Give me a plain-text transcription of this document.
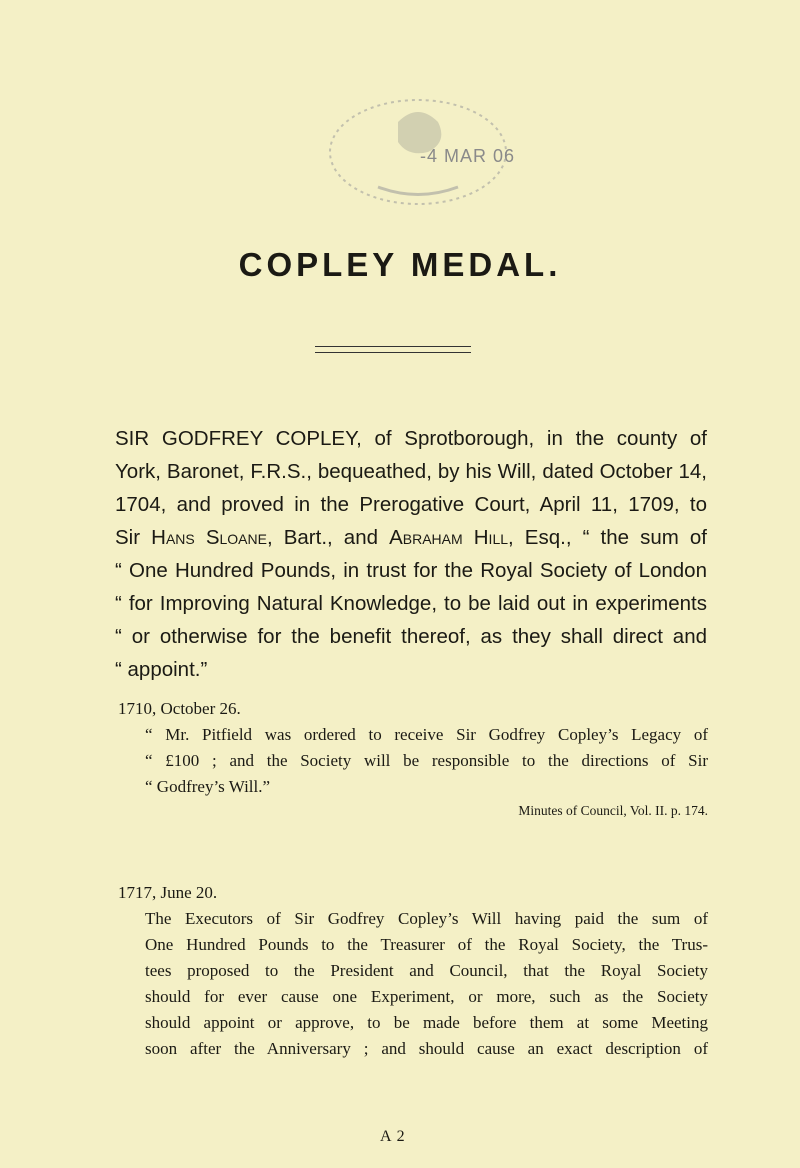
-4 MAR 06
COPLEY MEDAL.
SIR GODFREY COPLEY, of Sprotborough, in the county of
York, Baronet, F.R.S., bequeathed, by his Will, dated October 14,
1704, and proved in the Prerogative Court, April 11, 1709, to
Sir Hans Sloane, Bart., and Abraham Hill, Esq., “ the sum of
“ One Hundred Pounds, in trust for the Royal Society of London
“ for Improving Natural Knowledge, to be laid out in experiments
“ or otherwise for the benefit thereof, as they shall direct and
“ appoint.”

1710, October 26.

“ Mr. Pitfield was ordered to receive Sir Godfrey Copley’s Legacy of
“ £100 ; and the Society will be responsible to the directions of Sir
“ Godfrey’s Will.”

Minutes of Council, Vol. II. p. 174.

1717, June 20.

The Executors of Sir Godfrey Copley’s Will having paid the sum of
One Hundred Pounds to the Treasurer of the Royal Society, the Trus-
tees proposed to the President and Council, that the Royal Society
should for ever cause one Experiment, or more, such as the Society
should appoint or approve, to be made before them at some Meeting
soon after the Anniversary ; and should cause an exact description of
A 2
